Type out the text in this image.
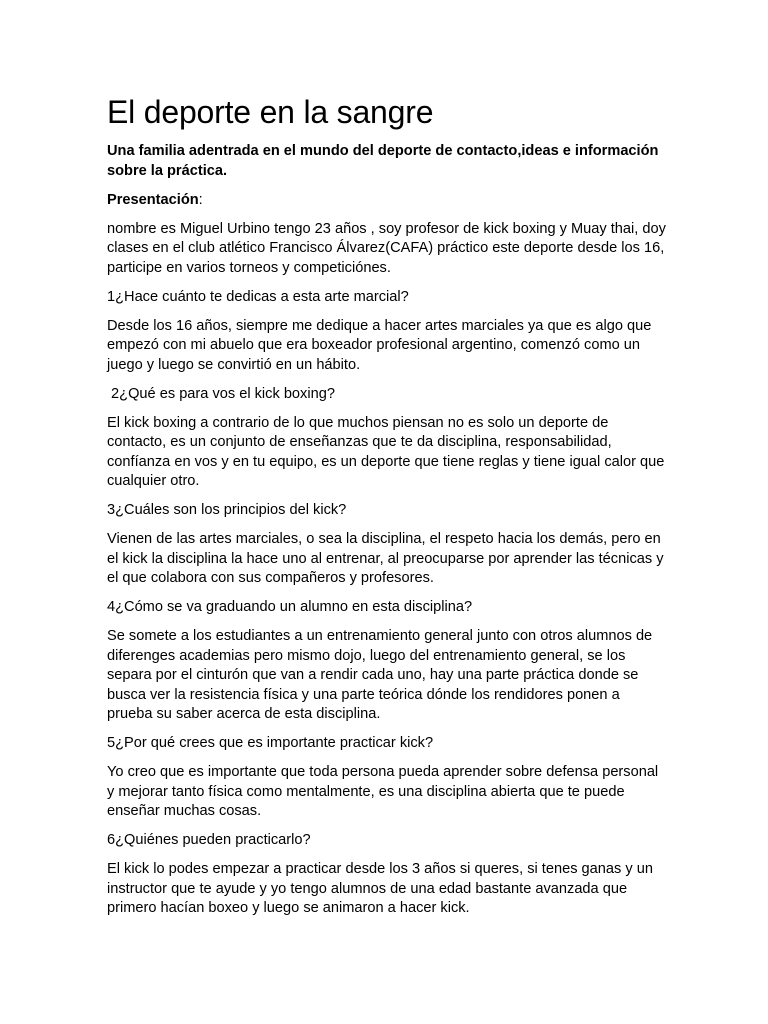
El deporte en la sangre
Una familia adentrada en el mundo del deporte de contacto,ideas e información sobre la práctica.
Presentación:

nombre es Miguel Urbino tengo 23 años , soy profesor de kick boxing y Muay thai, doy clases en el club atlético Francisco Álvarez(CAFA) práctico este deporte desde los 16, participe en varios torneos y competiciónes.

1¿Hace cuánto te dedicas a esta arte marcial?

Desde los 16 años, siempre me dedique a hacer artes marciales ya que es algo que empezó con mi abuelo que era boxeador profesional argentino, comenzó como un juego y luego se convirtió en un hábito.

2¿Qué es para vos el kick boxing?

El kick boxing a contrario de lo que muchos piensan no es solo un deporte de contacto, es un conjunto de enseñanzas que te da disciplina, responsabilidad, confíanza en vos y en tu equipo, es un deporte que tiene reglas y tiene igual calor que cualquier otro.

3¿Cuáles son los principios del kick?

Vienen de las artes marciales, o sea la disciplina, el respeto hacia los demás, pero en el kick la disciplina la hace uno al entrenar, al preocuparse por aprender las técnicas y el que colabora con sus compañeros y profesores.

4¿Cómo se va graduando un alumno en esta disciplina?

Se somete a los estudiantes a un entrenamiento general junto con otros alumnos de diferenges academias pero mismo dojo, luego del entrenamiento general, se los separa por el cinturón que van a rendir cada uno, hay una parte práctica donde se busca ver la resistencia física y una parte teórica dónde los rendidores ponen a prueba su saber acerca de esta disciplina.

5¿Por qué crees que es importante practicar kick?

Yo creo que es importante que toda persona pueda aprender sobre defensa personal y mejorar tanto física como mentalmente, es una disciplina abierta que te puede enseñar muchas cosas.

6¿Quiénes pueden practicarlo?

El kick lo podes empezar a practicar desde los 3 años si queres, si tenes ganas y un instructor que te ayude y yo tengo alumnos de una edad bastante avanzada que primero hacían boxeo y luego se animaron a hacer kick.
